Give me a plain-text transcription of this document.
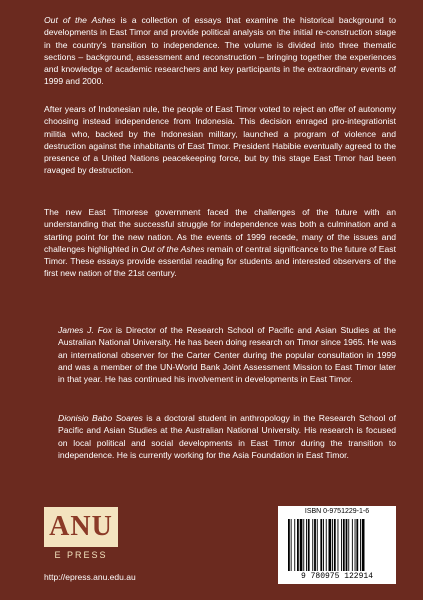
Out of the Ashes is a collection of essays that examine the historical background to developments in East Timor and provide political analysis on the initial re-construction stage in the country's transition to independence. The volume is divided into three thematic sections – background, assessment and reconstruction – bringing together the experiences and knowledge of academic researchers and key participants in the extraordinary events of 1999 and 2000.

After years of Indonesian rule, the people of East Timor voted to reject an offer of autonomy choosing instead independence from Indonesia. This decision enraged pro-integrationist militia who, backed by the Indonesian military, launched a program of violence and destruction against the inhabitants of East Timor. President Habibie eventually agreed to the presence of a United Nations peacekeeping force, but by this stage East Timor had been ravaged by destruction.

The new East Timorese government faced the challenges of the future with an understanding that the successful struggle for independence was both a culmination and a starting point for the new nation. As the events of 1999 recede, many of the issues and challenges highlighted in Out of the Ashes remain of central significance to the future of East Timor. These essays provide essential reading for students and interested observers of the first new nation of the 21st century.

James J. Fox is Director of the Research School of Pacific and Asian Studies at the Australian National University. He has been doing research on Timor since 1965. He was an international observer for the Carter Center during the popular consultation in 1999 and was a member of the UN-World Bank Joint Assessment Mission to East Timor later in that year. He has continued his involvement in developments in East Timor.

Dionisio Babo Soares is a doctoral student in anthropology in the Research School of Pacific and Asian Studies at the Australian National University. His research is focused on local political and social developments in East Timor during the transition to independence. He is currently working for the Asia Foundation in East Timor.

ANU
E PRESS
http://epress.anu.edu.au
ISBN 0-9751229-1-6
9 780975 122914
